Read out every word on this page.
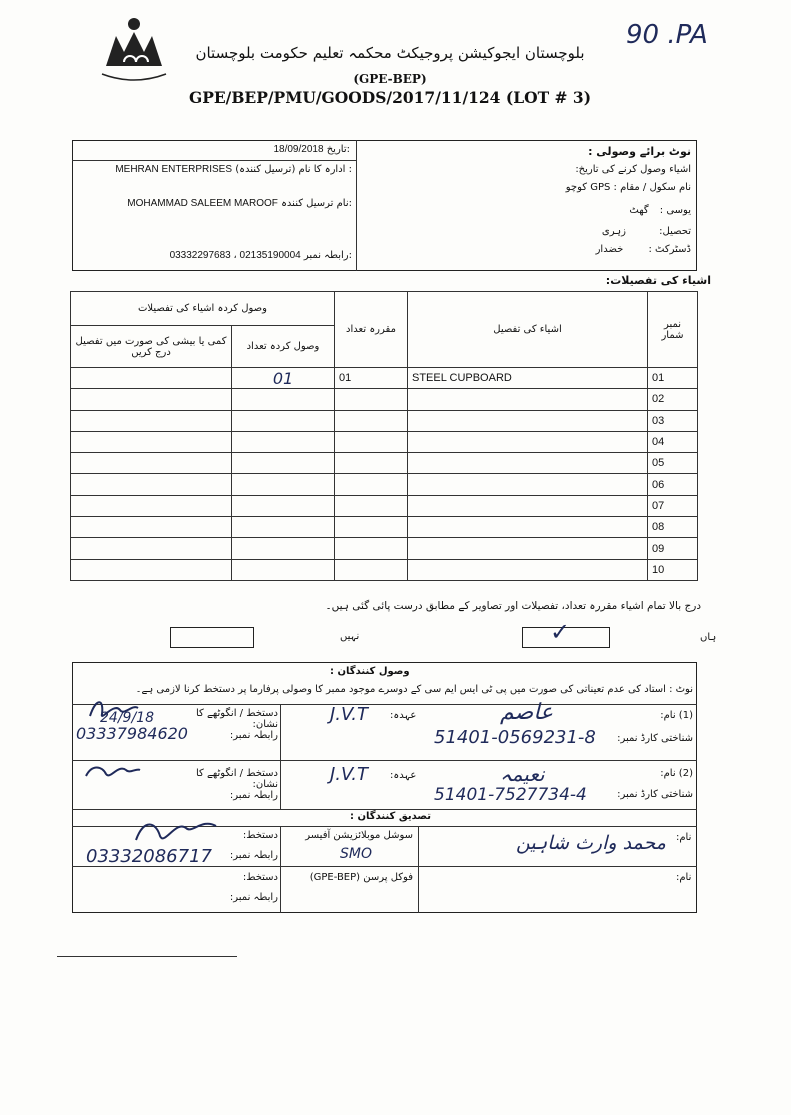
بلوچستان ایجوکیشن پروجیکٹ محکمہ تعلیم حکومت بلوچستان
(GPE-BEP)
GPE/BEP/PMU/GOODS/2017/11/124 (LOT # 3)
90 .PA
نوٹ برائے وصولی :
اشیاء وصول کرنے کی تاریخ:
نام سکول / مقام : GPS کوچو
یوسی : گھٹ
تحصیل: زہری
ڈسٹرکٹ : خضدار
18/09/2018 تاریخ:
MEHRAN ENTERPRISES ادارہ کا نام (ترسیل کنندہ) :
MOHAMMAD SALEEM MAROOF نام ترسیل کنندہ:
03332297683 ، 02135190004 رابطہ نمبر:
اشیاء کی تفصیلات:
وصول کردہ اشیاء کی تفصیلات		مقررہ تعداد	اشیاء کی تفصیل	نمبر شمار
کمی یا بیشی کی صورت میں تفصیل درج کریں	وصول کردہ تعداد			
	01	01	STEEL CUPBOARD	01
				02
				03
				04
				05
				06
				07
				08
				09
				10
درج بالا تمام اشیاء مقررہ تعداد، تفصیلات اور تصاویر کے مطابق درست پائی گئی ہیں۔
ہاں
✓
نہیں
وصول کنندگان :
نوٹ : استاد کی عدم تعیناتی کی صورت میں پی ٹی ایس ایم سی کے دوسرے موجود ممبر کا وصولی پرفارما پر دستخط کرنا لازمی ہے۔
(1) نام:
عاصم
شناختی کارڈ نمبر:
51401-0569231-8
عہدہ:
J.V.T
دستخط / انگوٹھے کا نشان:
رابطہ نمبر:
24/9/18
03337984620
(2) نام:
نعیمہ
شناختی کارڈ نمبر:
51401-7527734-4
عہدہ:
J.V.T
دستخط / انگوٹھے کا نشان:
رابطہ نمبر:
تصدیق کنندگان :
نام:
محمد وارث شاہین
سوشل موبلائزیشن آفیسر
SMO
دستخط:
رابطہ نمبر:
03332086717
نام:
فوکل پرسن (GPE-BEP)
دستخط:
رابطہ نمبر:
